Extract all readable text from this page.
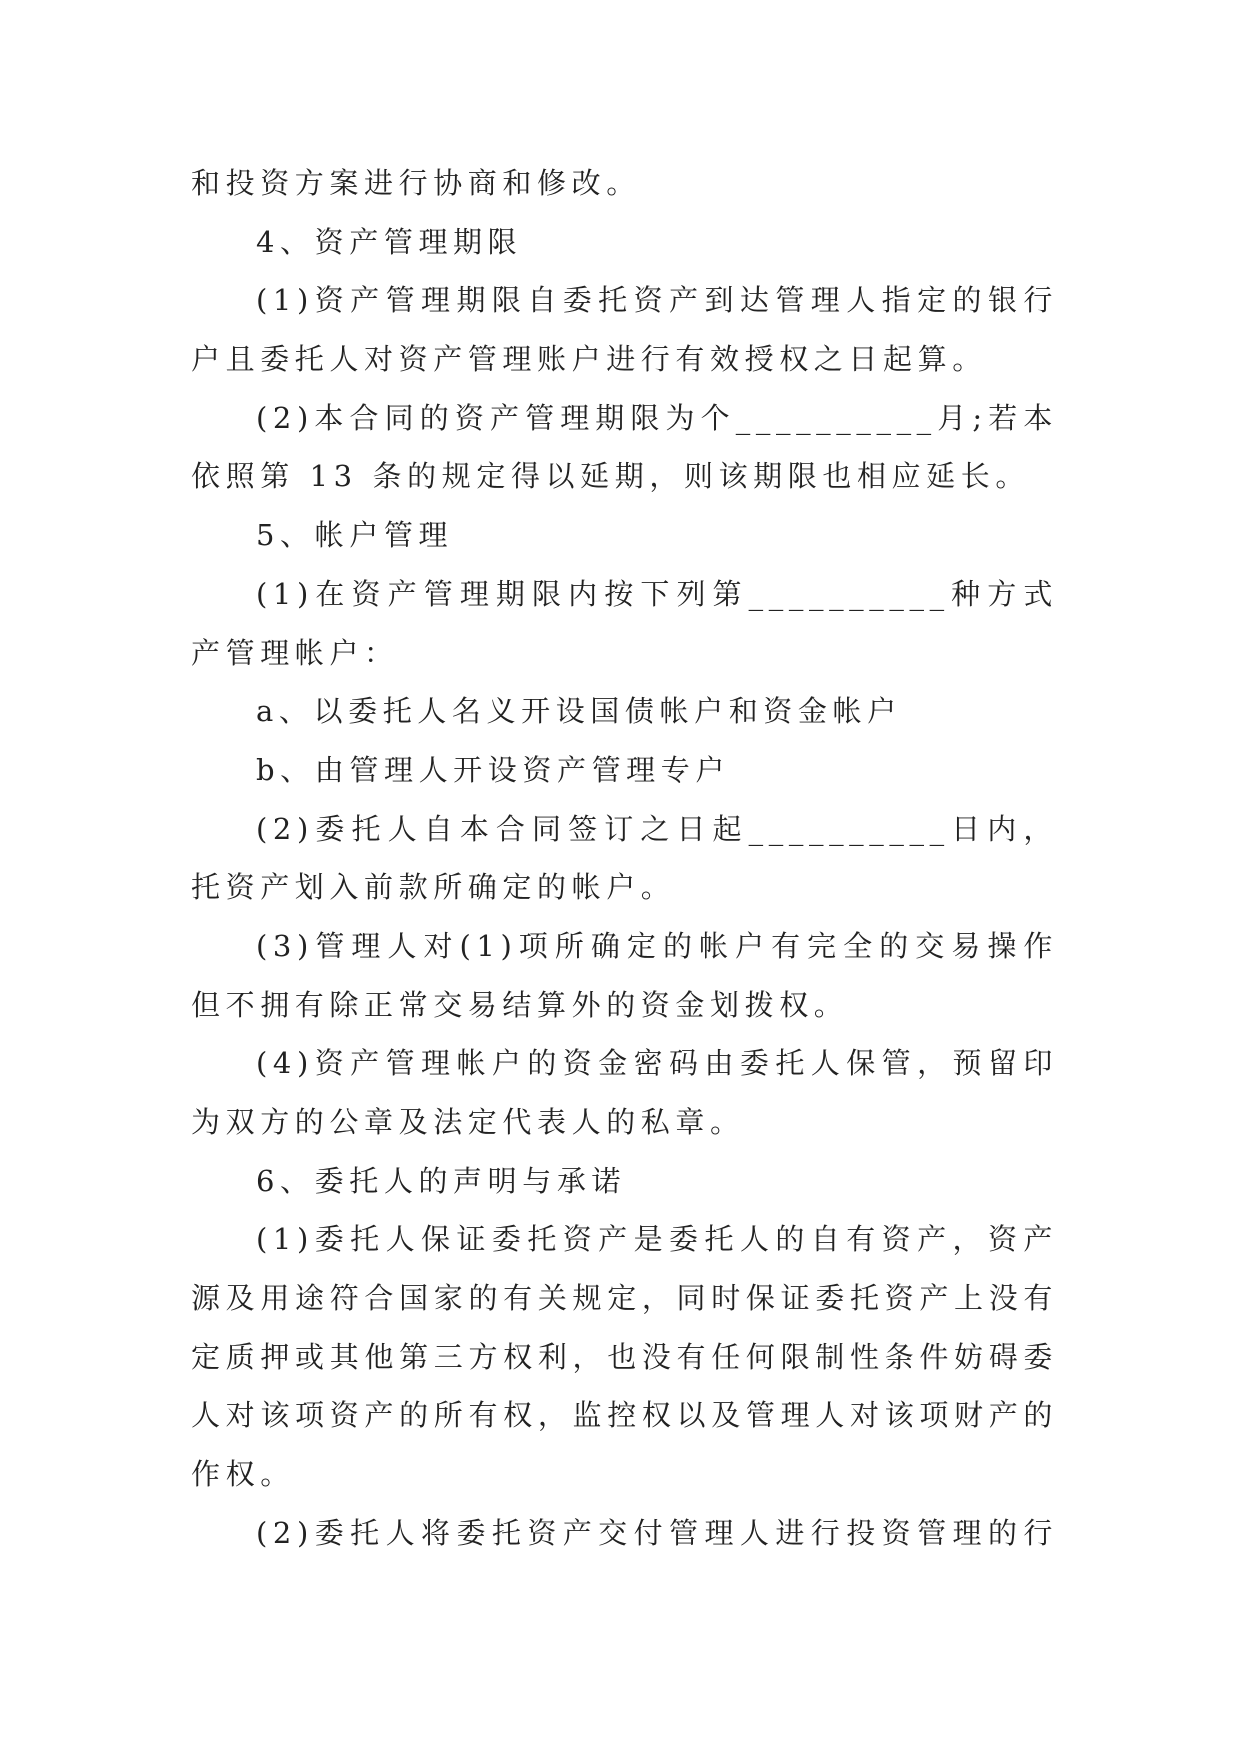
和投资方案进行协商和修改。
4、资产管理期限
(1)资产管理期限自委托资产到达管理人指定的银行
户且委托人对资产管理账户进行有效授权之日起算。
(2)本合同的资产管理期限为个__________月;若本
依照第 13 条的规定得以延期，则该期限也相应延长。
5、帐户管理
(1)在资产管理期限内按下列第__________种方式
产管理帐户：
a、以委托人名义开设国债帐户和资金帐户
b、由管理人开设资产管理专户
(2)委托人自本合同签订之日起__________日内，
托资产划入前款所确定的帐户。
(3)管理人对(1)项所确定的帐户有完全的交易操作
但不拥有除正常交易结算外的资金划拨权。
(4)资产管理帐户的资金密码由委托人保管，预留印
为双方的公章及法定代表人的私章。
6、委托人的声明与承诺
(1)委托人保证委托资产是委托人的自有资产，资产
源及用途符合国家的有关规定，同时保证委托资产上没有
定质押或其他第三方权利，也没有任何限制性条件妨碍委
人对该项资产的所有权，监控权以及管理人对该项财产的
作权。
(2)委托人将委托资产交付管理人进行投资管理的行
